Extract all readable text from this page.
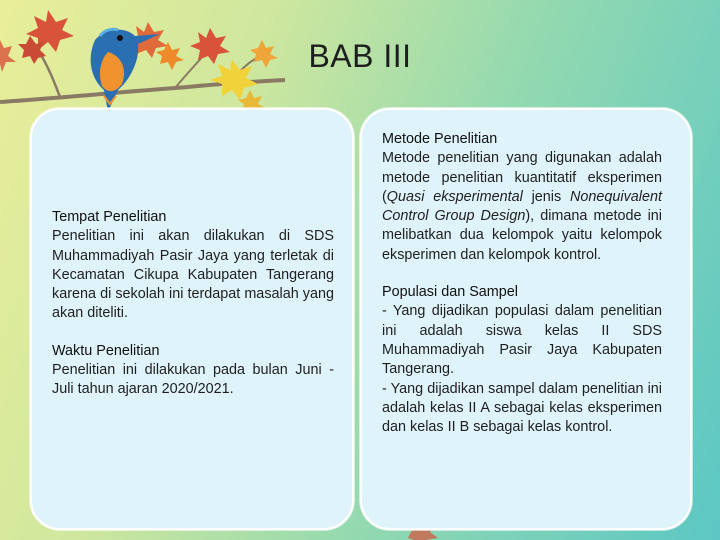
BAB III
Tempat Penelitian

Penelitian ini akan dilakukan di SDS Muhammadiyah Pasir Jaya yang terletak di Kecamatan Cikupa Kabupaten Tangerang karena di sekolah ini terdapat masalah yang akan diteliti.

Waktu Penelitian

Penelitian ini dilakukan pada bulan Juni -Juli tahun ajaran 2020/2021.

Metode Penelitian

Metode penelitian yang digunakan adalah metode penelitian kuantitatif eksperimen (Quasi eksperimental jenis Nonequivalent Control Group Design), dimana metode ini melibatkan dua kelompok yaitu kelompok eksperimen dan kelompok kontrol.

Populasi dan Sampel

- Yang dijadikan populasi dalam penelitian ini adalah siswa kelas II SDS Muhammadiyah Pasir Jaya Kabupaten Tangerang.

- Yang dijadikan sampel dalam penelitian ini adalah kelas II A sebagai kelas eksperimen dan kelas II B sebagai kelas kontrol.
